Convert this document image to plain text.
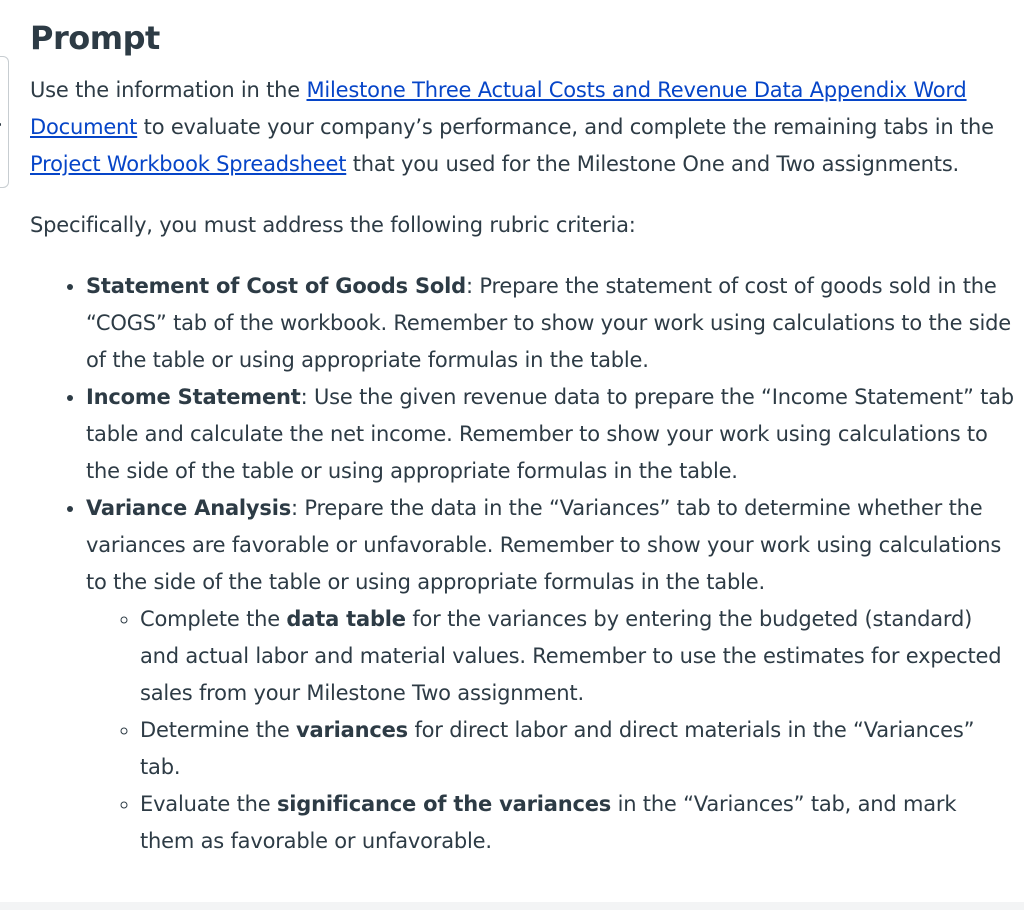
Prompt

Use the information in the Milestone Three Actual Costs and Revenue Data Appendix Word Document to evaluate your company’s performance, and complete the remaining tabs in the Project Workbook Spreadsheet that you used for the Milestone One and Two assignments.

Specifically, you must address the following rubric criteria:

• Statement of Cost of Goods Sold: Prepare the statement of cost of goods sold in the “COGS” tab of the workbook. Remember to show your work using calculations to the side of the table or using appropriate formulas in the table.
• Income Statement: Use the given revenue data to prepare the “Income Statement” tab table and calculate the net income. Remember to show your work using calculations to the side of the table or using appropriate formulas in the table.
• Variance Analysis: Prepare the data in the “Variances” tab to determine whether the variances are favorable or unfavorable. Remember to show your work using calculations to the side of the table or using appropriate formulas in the table.
◦ Complete the data table for the variances by entering the budgeted (standard) and actual labor and material values. Remember to use the estimates for expected sales from your Milestone Two assignment.
◦ Determine the variances for direct labor and direct materials in the “Variances” tab.
◦ Evaluate the significance of the variances in the “Variances” tab, and mark them as favorable or unfavorable.
